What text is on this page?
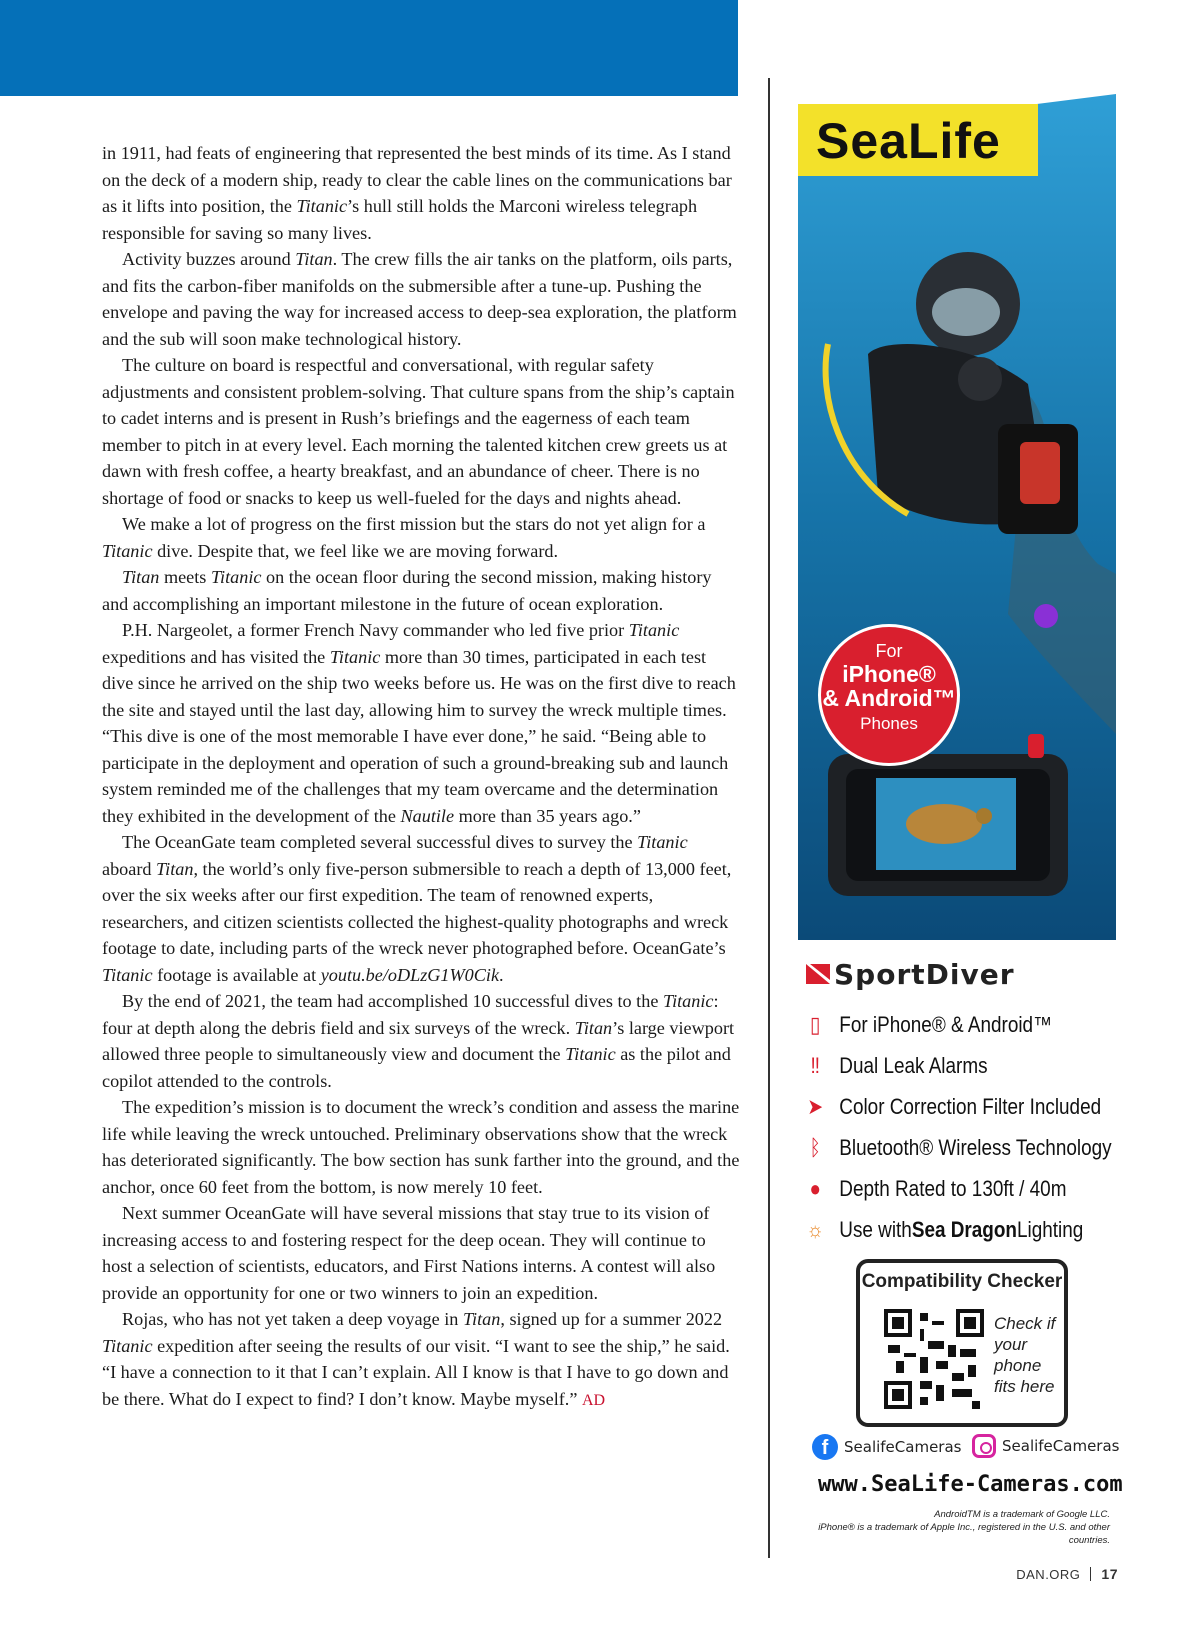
in 1911, had feats of engineering that represented the best minds of its time. As I stand on the deck of a modern ship, ready to clear the cable lines on the communications bar as it lifts into position, the Titanic’s hull still holds the Marconi wireless telegraph responsible for saving so many lives.

Activity buzzes around Titan. The crew fills the air tanks on the platform, oils parts, and fits the carbon-fiber manifolds on the submersible after a tune-up. Pushing the envelope and paving the way for increased access to deep-sea exploration, the platform and the sub will soon make technological history.

The culture on board is respectful and conversational, with regular safety adjustments and consistent problem-solving. That culture spans from the ship’s captain to cadet interns and is present in Rush’s briefings and the eagerness of each team member to pitch in at every level. Each morning the talented kitchen crew greets us at dawn with fresh coffee, a hearty breakfast, and an abundance of cheer. There is no shortage of food or snacks to keep us well-fueled for the days and nights ahead.

We make a lot of progress on the first mission but the stars do not yet align for a Titanic dive. Despite that, we feel like we are moving forward.

Titan meets Titanic on the ocean floor during the second mission, making history and accomplishing an important milestone in the future of ocean exploration.

P.H. Nargeolet, a former French Navy commander who led five prior Titanic expeditions and has visited the Titanic more than 30 times, participated in each test dive since he arrived on the ship two weeks before us. He was on the first dive to reach the site and stayed until the last day, allowing him to survey the wreck multiple times. “This dive is one of the most memorable I have ever done,” he said. “Being able to participate in the deployment and operation of such a ground-breaking sub and launch system reminded me of the challenges that my team overcame and the determination they exhibited in the development of the Nautile more than 35 years ago.”

The OceanGate team completed several successful dives to survey the Titanic aboard Titan, the world’s only five-person submersible to reach a depth of 13,000 feet, over the six weeks after our first expedition. The team of renowned experts, researchers, and citizen scientists collected the highest-quality photographs and wreck footage to date, including parts of the wreck never photographed before. OceanGate’s Titanic footage is available at youtu.be/oDLzG1W0Cik.

By the end of 2021, the team had accomplished 10 successful dives to the Titanic: four at depth along the debris field and six surveys of the wreck. Titan’s large viewport allowed three people to simultaneously view and document the Titanic as the pilot and copilot attended to the controls.

The expedition’s mission is to document the wreck’s condition and assess the marine life while leaving the wreck untouched. Preliminary observations show that the wreck has deteriorated significantly. The bow section has sunk farther into the ground, and the anchor, once 60 feet from the bottom, is now merely 10 feet.

Next summer OceanGate will have several missions that stay true to its vision of increasing access to and fostering respect for the deep ocean. They will continue to host a selection of scientists, educators, and First Nations interns. A contest will also provide an opportunity for one or two winners to join an expedition.

Rojas, who has not yet taken a deep voyage in Titan, signed up for a summer 2022 Titanic expedition after seeing the results of our visit. “I want to see the ship,” he said. “I have a connection to it that I can’t explain. All I know is that I have to go down and be there. What do I expect to find? I don’t know. Maybe myself.” AD

SeaLife
For
iPhone®
& Android™
Phones
SportDiver
▯ For iPhone® & Android™
‼ Dual Leak Alarms
➤ Color Correction Filter Included
ᛒ Bluetooth® Wireless Technology
● Depth Rated to 130ft / 40m
☼ Use with Sea Dragon Lighting
Compatibility Checker
Check if your phone fits here
f	SealifeCameras	SealifeCameras
www.SeaLife-Cameras.com
AndroidTM is a trademark of Google LLC.
iPhone® is a trademark of Apple Inc., registered in the U.S. and other countries.
DAN.ORG 17
